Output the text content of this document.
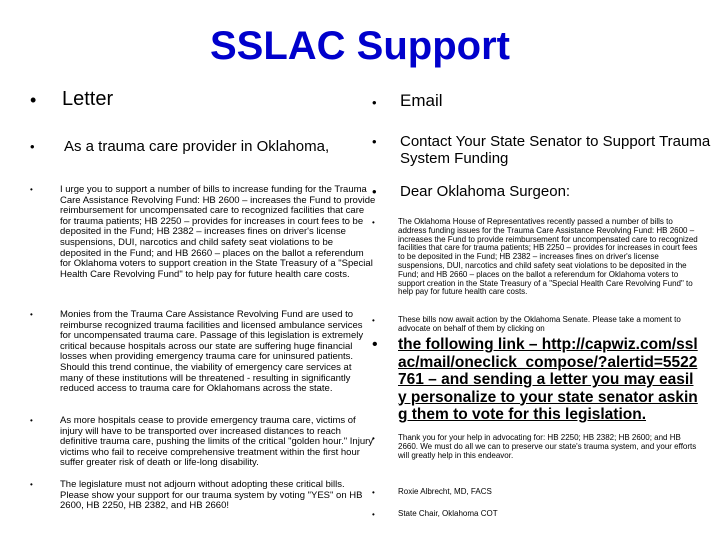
SSLAC Support
• Letter
• As a trauma care provider in Oklahoma,
•	I urge you to support a number of bills to increase funding for the Trauma Care Assistance Revolving Fund: HB 2600 – increases the Fund to provide reimbursement for uncompensated care to recognized facilities that care for trauma patients; HB 2250 – provides for increases in court fees to be deposited in the Fund; HB 2382 – increases fines on driver's license suspensions, DUI, narcotics and child safety seat violations to be deposited in the Fund; and HB 2660 – places on the ballot a referendum for Oklahoma voters to support creation in the State Treasury of a "Special Health Care Revolving Fund" to help pay for future health care costs.
•	Monies from the Trauma Care Assistance Revolving Fund are used to reimburse recognized trauma facilities and licensed ambulance services for uncompensated trauma care. Passage of this legislation is extremely critical because hospitals across our state are suffering huge financial losses when providing emergency trauma care for uninsured patients. Should this trend continue, the viability of emergency care services at many of these institutions will be threatened - resulting in significantly reduced access to trauma care for Oklahomans across the state.
•	As more hospitals cease to provide emergency trauma care, victims of injury will have to be transported over increased distances to reach definitive trauma care, pushing the limits of the critical "golden hour." Injury victims who fail to receive comprehensive treatment within the first hour suffer greater risk of death or life-long disability.
•	The legislature must not adjourn without adopting these critical bills. Please show your support for our trauma system by voting "YES" on HB 2600, HB 2250, HB 2382, and HB 2660!
• Email
• Contact Your State Senator to Support Trauma System Funding
• Dear Oklahoma Surgeon:
•	The Oklahoma House of Representatives recently passed a number of bills to address funding issues for the Trauma Care Assistance Revolving Fund: HB 2600 – increases the Fund to provide reimbursement for uncompensated care to recognized facilities that care for trauma patients; HB 2250 – provides for increases in court fees to be deposited in the Fund; HB 2382 – increases fines on driver's license suspensions, DUI, narcotics and child safety seat violations to be deposited in the Fund; and HB 2660 – places on the ballot a referendum for Oklahoma voters to support creation in the State Treasury of a "Special Health Care Revolving Fund" to help pay for future health care costs.
•	These bills now await action by the Oklahoma Senate. Please take a moment to advocate on behalf of them by clicking on
• the following link – http://capwiz.com/sslac/mail/oneclick_compose/?alertid=5522761 – and sending a letter you may easily personalize to your state senator asking them to vote for this legislation.
•	Thank you for your help in advocating for: HB 2250; HB 2382; HB 2600; and HB 2660. We must do all we can to preserve our state's trauma system, and your efforts will greatly help in this endeavor.
•	Roxie Albrecht, MD, FACS
•	State Chair, Oklahoma COT
